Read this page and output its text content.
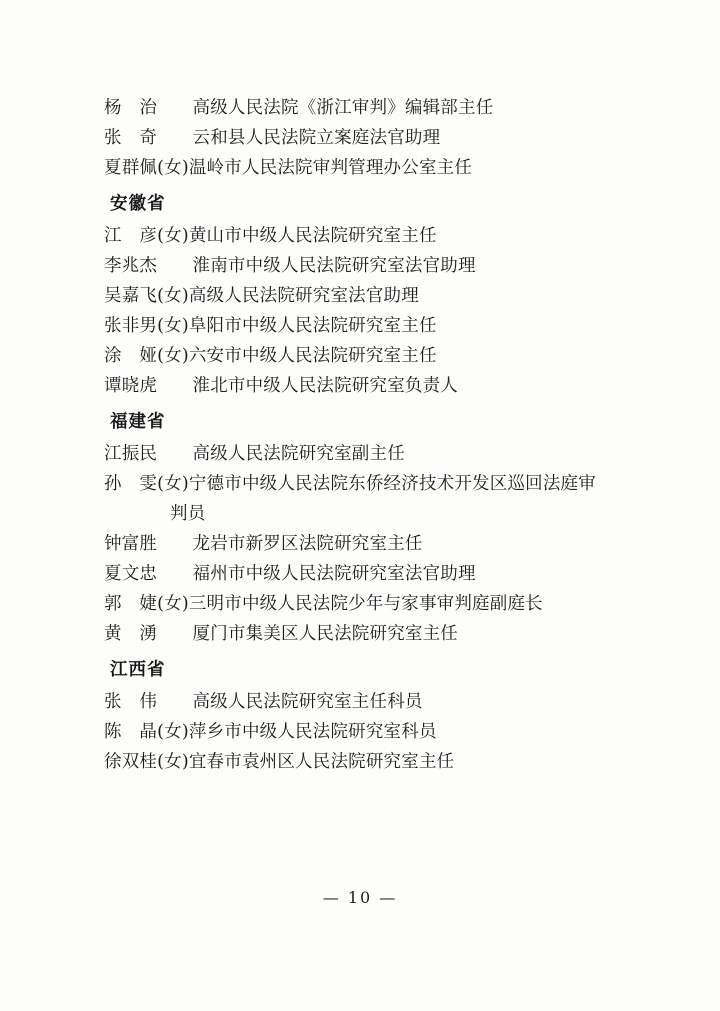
杨　治　　高级人民法院《浙江审判》编辑部主任
张　奇　　云和县人民法院立案庭法官助理
夏群佩(女)温岭市人民法院审判管理办公室主任
安徽省
江　彦(女)黄山市中级人民法院研究室主任
李兆杰　　淮南市中级人民法院研究室法官助理
吴嘉飞(女)高级人民法院研究室法官助理
张非男(女)阜阳市中级人民法院研究室主任
涂　娅(女)六安市中级人民法院研究室主任
谭晓虎　　淮北市中级人民法院研究室负责人
福建省
江振民　　高级人民法院研究室副主任
孙　雯(女)宁德市中级人民法院东侨经济技术开发区巡回法庭审
判员
钟富胜　　龙岩市新罗区法院研究室主任
夏文忠　　福州市中级人民法院研究室法官助理
郭　婕(女)三明市中级人民法院少年与家事审判庭副庭长
黄　湧　　厦门市集美区人民法院研究室主任
江西省
张　伟　　高级人民法院研究室主任科员
陈　晶(女)萍乡市中级人民法院研究室科员
徐双桂(女)宜春市袁州区人民法院研究室主任
— 10 —
